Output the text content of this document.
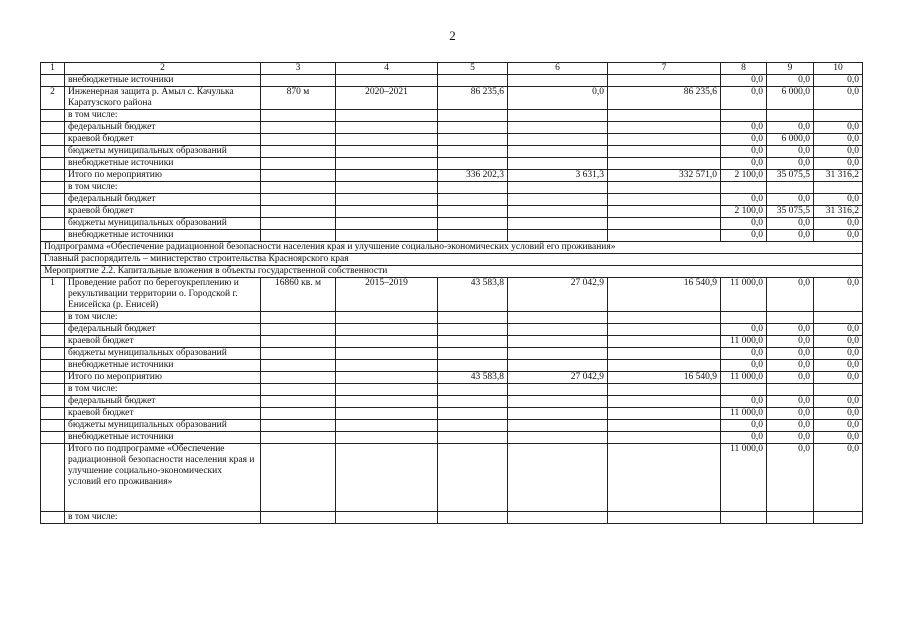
2
1	2	3	4	5	6	7	8	9	10
	внебюджетные источники						0,0	0,0	0,0
2	Инженерная защита р. Амыл с. Качулька Каратузского района	870 м	2020–2021	86 235,6	0,0	86 235,6	0,0	6 000,0	0,0
	в том числе:								
	федеральный бюджет						0,0	0,0	0,0
	краевой бюджет						0,0	6 000,0	0,0
	бюджеты муниципальных образований						0,0	0,0	0,0
	внебюджетные источники						0,0	0,0	0,0
	Итого по мероприятию			336 202,3	3 631,3	332 571,0	2 100,0	35 075,5	31 316,2
	в том числе:								
	федеральный бюджет						0,0	0,0	0,0
	краевой бюджет						2 100,0	35 075,5	31 316,2
	бюджеты муниципальных образований						0,0	0,0	0,0
	внебюджетные источники						0,0	0,0	0,0
Подпрограмма «Обеспечение радиационной безопасности населения края и улучшение социально-экономических условий его проживания»									
Главный распорядитель – министерство строительства Красноярского края									
Мероприятие 2.2. Капитальные вложения в объекты государственной собственности									
1	Проведение работ по берегоукреплению и рекультивации территории о. Городской г. Енисейска (р. Енисей)	16860 кв. м	2015–2019	43 583,8	27 042,9	16 540,9	11 000,0	0,0	0,0
	в том числе:								
	федеральный бюджет						0,0	0,0	0,0
	краевой бюджет						11 000,0	0,0	0,0
	бюджеты муниципальных образований						0,0	0,0	0,0
	внебюджетные источники						0,0	0,0	0,0
	Итого по мероприятию			43 583,8	27 042,9	16 540,9	11 000,0	0,0	0,0
	в том числе:								
	федеральный бюджет						0,0	0,0	0,0
	краевой бюджет						11 000,0	0,0	0,0
	бюджеты муниципальных образований						0,0	0,0	0,0
	внебюджетные источники						0,0	0,0	0,0
	Итого по подпрограмме «Обеспечение радиационной безопасности населения края и улучшение социально-экономических условий его проживания»						11 000,0	0,0	0,0
	в том числе:								
